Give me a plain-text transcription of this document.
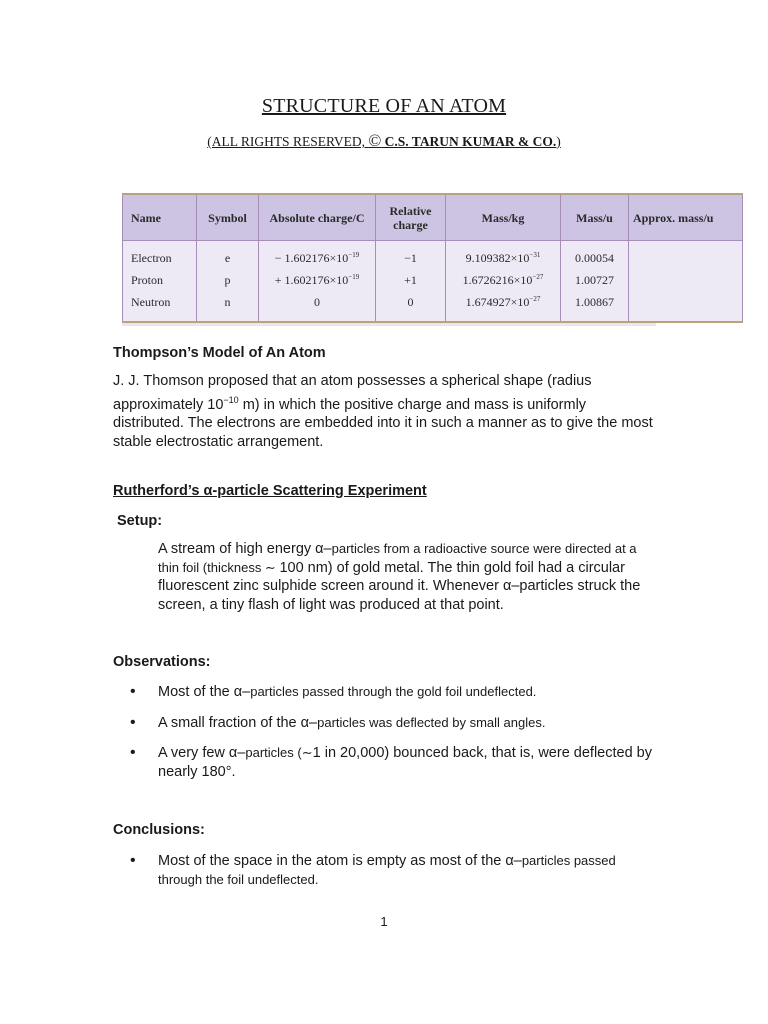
STRUCTURE OF AN ATOM
(ALL RIGHTS RESERVED, © C.S. TARUN KUMAR & CO.)
Name	Symbol	Absolute charge/C	Relative charge	Mass/kg	Mass/u	Approx. mass/u
Electron	e	− $1.602176\times 10^{-19}$	−1	$9.109382\times 10^{-31}$	0.00054	
Proton	p	+ $1.602176\times 10^{-19}$	+1	$1.6726216\times 10^{-27}$	1.00727	
Neutron	n	0	0	$1.674927\times 10^{-27}$	1.00867	
Thompson’s Model of An Atom
J. J. Thomson proposed that an atom possesses a spherical shape (radius approximately $10^{-10}$ m) in which the positive charge and mass is uniformly distributed. The electrons are embedded into it in such a manner as to give the most stable electrostatic arrangement.
Rutherford’s α-particle Scattering Experiment
Setup:
A stream of high energy α–particles from a radioactive source were directed at a thin foil (thickness ∼ 100 nm) of gold metal. The thin gold foil had a circular fluorescent zinc sulphide screen around it. Whenever α–particles struck the screen, a tiny flash of light was produced at that point.
Observations:
• Most of the α–particles passed through the gold foil undeflected.
• A small fraction of the α–particles was deflected by small angles.
• A very few α–particles (∼1 in 20,000) bounced back, that is, were deflected by nearly 180°.
Conclusions:
• Most of the space in the atom is empty as most of the α–particles passed through the foil undeflected.
1
